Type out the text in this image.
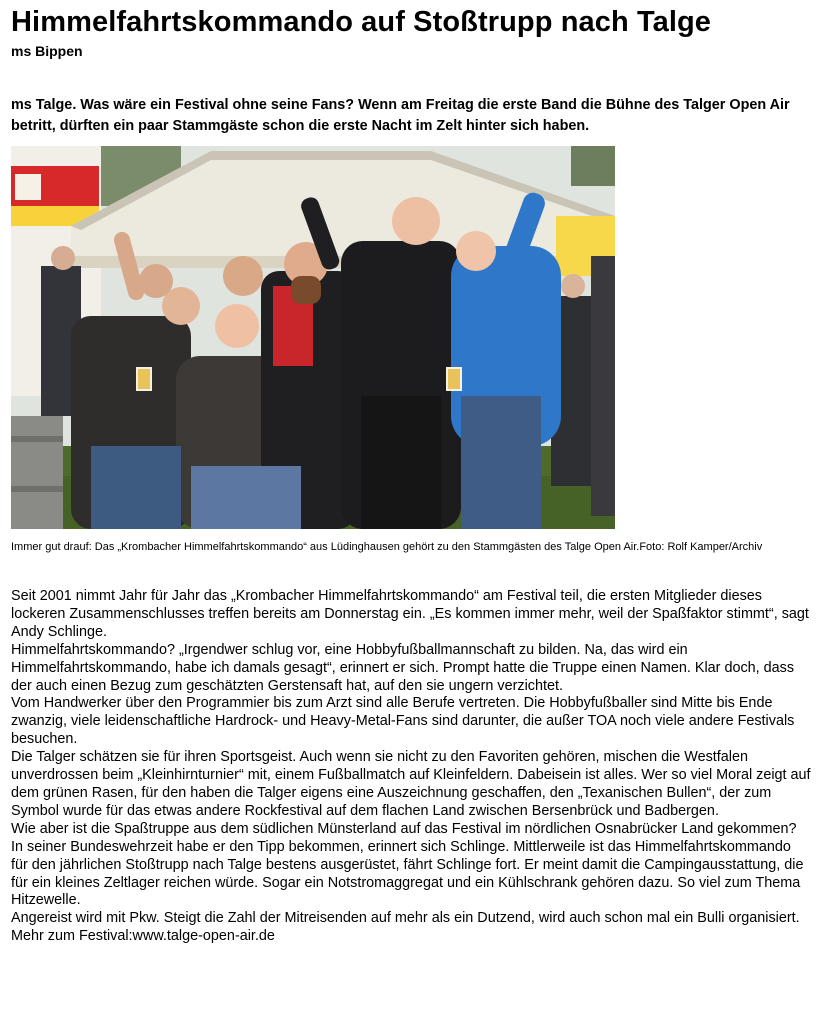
Himmelfahrtskommando auf Stoßtrupp nach Talge
ms Bippen

ms Talge. Was wäre ein Festival ohne seine Fans? Wenn am Freitag die erste Band die Bühne des Talger Open Air betritt, dürften ein paar Stammgäste schon die erste Nacht im Zelt hinter sich haben.

Immer gut drauf: Das „Krombacher Himmelfahrtskommando“ aus Lüdinghausen gehört zu den Stammgästen des Talge Open Air.Foto: Rolf Kamper/Archiv

Seit 2001 nimmt Jahr für Jahr das „Krombacher Himmelfahrtskommando“ am Festival teil, die ersten Mitglieder dieses lockeren Zusammenschlusses treffen bereits am Donnerstag ein. „Es kommen immer mehr, weil der Spaßfaktor stimmt“, sagt Andy Schlinge.

Himmelfahrtskommando? „Irgendwer schlug vor, eine Hobbyfußballmannschaft zu bilden. Na, das wird ein Himmelfahrtskommando, habe ich damals gesagt“, erinnert er sich. Prompt hatte die Truppe einen Namen. Klar doch, dass der auch einen Bezug zum geschätzten Gerstensaft hat, auf den sie ungern verzichtet.

Vom Handwerker über den Programmier bis zum Arzt sind alle Berufe vertreten. Die Hobbyfußballer sind Mitte bis Ende zwanzig, viele leidenschaftliche Hardrock- und Heavy-Metal-Fans sind darunter, die außer TOA noch viele andere Festivals besuchen.

Die Talger schätzen sie für ihren Sportsgeist. Auch wenn sie nicht zu den Favoriten gehören, mischen die Westfalen unverdrossen beim „Kleinhirnturnier“ mit, einem Fußballmatch auf Kleinfeldern. Dabeisein ist alles. Wer so viel Moral zeigt auf dem grünen Rasen, für den haben die Talger eigens eine Auszeichnung geschaffen, den „Texanischen Bullen“, der zum Symbol wurde für das etwas andere Rockfestival auf dem flachen Land zwischen Bersenbrück und Badbergen.

Wie aber ist die Spaßtruppe aus dem südlichen Münsterland auf das Festival im nördlichen Osnabrücker Land gekommen? In seiner Bundeswehrzeit habe er den Tipp bekommen, erinnert sich Schlinge. Mittlerweile ist das Himmelfahrtskommando für den jährlichen Stoßtrupp nach Talge bestens ausgerüstet, fährt Schlinge fort. Er meint damit die Campingausstattung, die für ein kleines Zeltlager reichen würde. Sogar ein Notstromaggregat und ein Kühlschrank gehören dazu. So viel zum Thema Hitzewelle.

Angereist wird mit Pkw. Steigt die Zahl der Mitreisenden auf mehr als ein Dutzend, wird auch schon mal ein Bulli organisiert.

Mehr zum Festival:www.talge-open-air.de
